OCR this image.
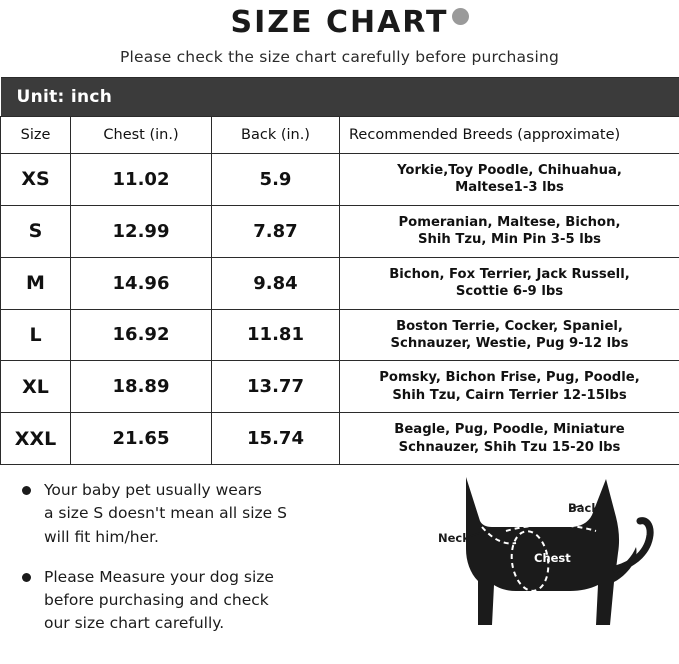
SIZE CHART

Please check the size chart carefully before purchasing

Unit: inch			
Size	Chest (in.)	Back (in.)	Recommended Breeds (approximate)
XS	11.02	5.9	Yorkie,Toy Poodle, Chihuahua,
Maltese1-3 lbs

S	12.99	7.87	Pomeranian, Maltese, Bichon,
Shih Tzu, Min Pin 3-5 lbs

M	14.96	9.84	Bichon, Fox Terrier, Jack Russell,
Scottie 6-9 lbs

L	16.92	11.81	Boston Terrie, Cocker, Spaniel,
Schnauzer, Westie, Pug 9-12 lbs

XL	18.89	13.77	Pomsky, Bichon Frise, Pug, Poodle,
Shih Tzu, Cairn Terrier 12-15lbs

XXL	21.65	15.74	Beagle, Pug, Poodle, Miniature
Schnauzer, Shih Tzu 15-20 lbs
Your baby pet usually wears
a size S doesn't mean all size S
will fit him/her.
Please Measure your dog size
before purchasing and check
our size chart carefully.
Neck
Back
Chest
